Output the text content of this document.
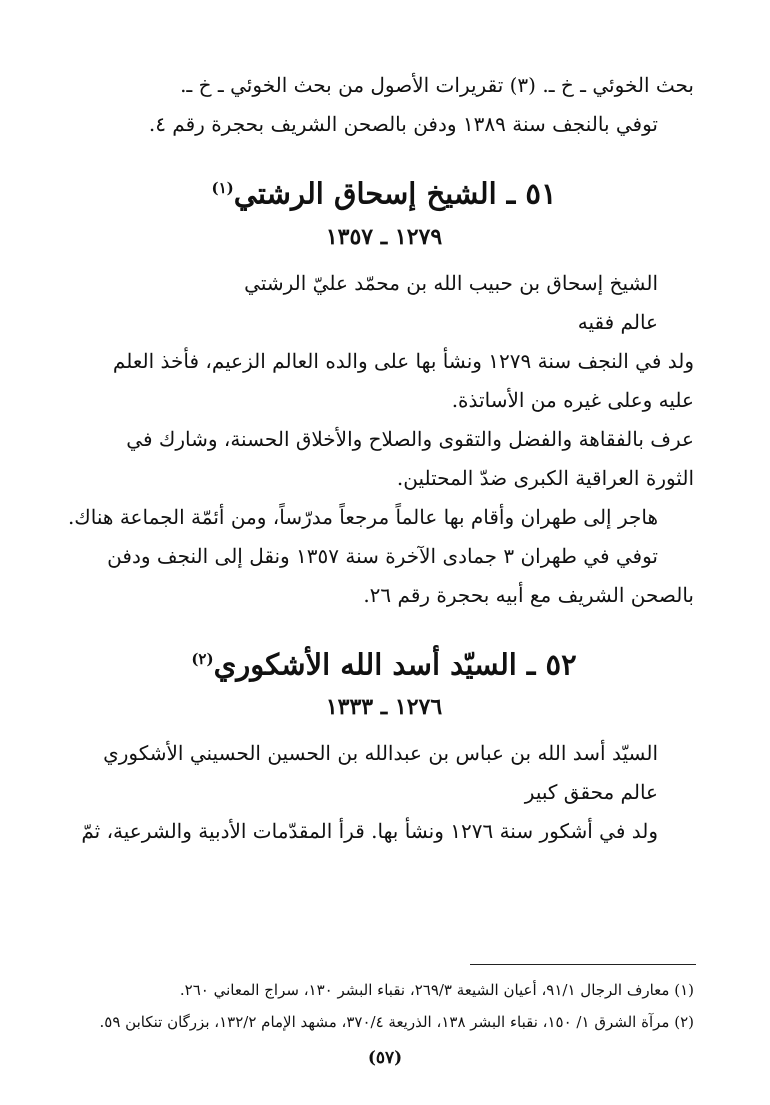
بحث الخوئي ـ خ ـ. (٣) تقريرات الأصول من بحث الخوئي ـ خ ـ.
توفي بالنجف سنة ١٣٨٩ ودفن بالصحن الشريف بحجرة رقم ٤.
٥١ ـ الشيخ إسحاق الرشتي$^{(١)}$
١٢٧٩ ـ ١٣٥٧
الشيخ إسحاق بن حبيب الله بن محمّد عليّ الرشتي
عالم فقيه
ولد في النجف سنة ١٢٧٩ ونشأ بها على والده العالم الزعيم، فأخذ العلم
عليه وعلى غيره من الأساتذة.
عرف بالفقاهة والفضل والتقوى والصلاح والأخلاق الحسنة، وشارك في
الثورة العراقية الكبرى ضدّ المحتلين.
هاجر إلى طهران وأقام بها عالماً مرجعاً مدرّساً، ومن أئمّة الجماعة هناك.
توفي في طهران ٣ جمادى الآخرة سنة ١٣٥٧ ونقل إلى النجف ودفن
بالصحن الشريف مع أبيه بحجرة رقم ٢٦.
٥٢ ـ السيّد أسد الله الأشكوري$^{(٢)}$
١٢٧٦ ـ ١٣٣٣
السيّد أسد الله بن عباس بن عبدالله بن الحسين الحسيني الأشكوري
عالم محقق كبير
ولد في أشكور سنة ١٢٧٦ ونشأ بها. قرأ المقدّمات الأدبية والشرعية، ثمّ
(١) معارف الرجال ٩١/١، أعيان الشيعة ٢٦٩/٣، نقباء البشر ١٣٠، سراج المعاني ٢٦٠.
(٢) مرآة الشرق ١/ ١٥٠، نقباء البشر ١٣٨، الذريعة ٣٧٠/٤، مشهد الإمام ١٣٢/٢، بزرگان تنكابن ٥٩.
(٥٧)
